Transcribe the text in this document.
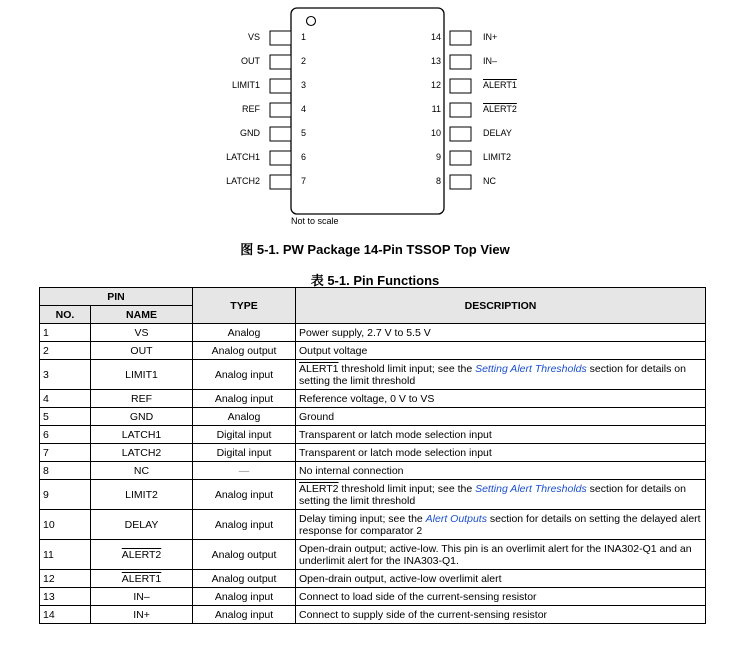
VS	1
OUT	2
LIMIT1	3
REF	4
GND	5
LATCH1	6
LATCH2	7
IN+
14
IN–
13
ALERT1
12
ALERT2
11
DELAY
10
LIMIT2
9
NC
8
Not to scale
图 5-1. PW Package 14-Pin TSSOP Top View
表 5-1. Pin Functions
PIN		TYPE	DESCRIPTION
NO.	NAME		
1	VS	Analog	Power supply, 2.7 V to 5.5 V
2	OUT	Analog output	Output voltage
3	LIMIT1	Analog input	ALERT1 threshold limit input; see the Setting Alert Thresholds section for details on setting the limit threshold
4	REF	Analog input	Reference voltage, 0 V to VS
5	GND	Analog	Ground
6	LATCH1	Digital input	Transparent or latch mode selection input
7	LATCH2	Digital input	Transparent or latch mode selection input
8	NC	—	No internal connection
9	LIMIT2	Analog input	ALERT2 threshold limit input; see the Setting Alert Thresholds section for details on setting the limit threshold
10	DELAY	Analog input	Delay timing input; see the Alert Outputs section for details on setting the delayed alert response for comparator 2
11	ALERT2	Analog output	Open-drain output; active-low. This pin is an overlimit alert for the INA302-Q1 and an underlimit alert for the INA303-Q1.
12	ALERT1	Analog output	Open-drain output, active-low overlimit alert
13	IN–	Analog input	Connect to load side of the current-sensing resistor
14	IN+	Analog input	Connect to supply side of the current-sensing resistor
